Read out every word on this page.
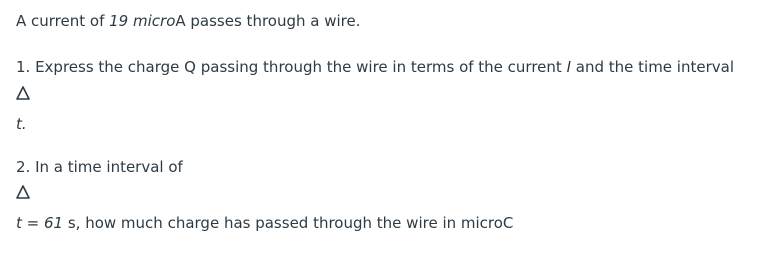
A current of 19 microA passes through a wire.
1. Express the charge Q passing through the wire in terms of the current I and the time interval
t.
2. In a time interval of
t = 61 s, how much charge has passed through the wire in microC
